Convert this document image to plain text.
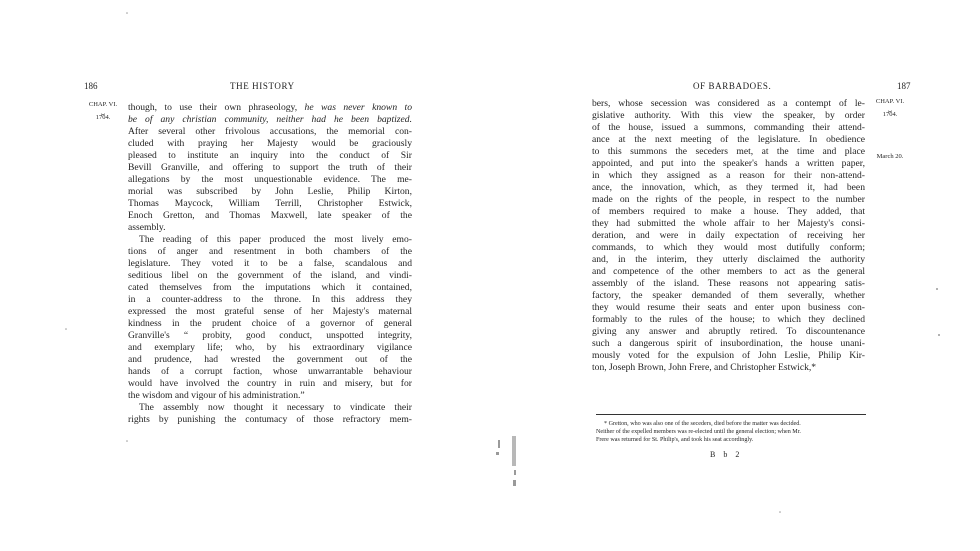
186	THE HISTORY
CHAP. VI.
⏟
1704.
though, to use their own phraseology, he was never known to
be of any christian community, neither had he been baptized.
After several other frivolous accusations, the memorial con-
cluded with praying her Majesty would be graciously
pleased to institute an inquiry into the conduct of Sir
Bevill Granville, and offering to support the truth of their
allegations by the most unquestionable evidence. The me-
morial was subscribed by John Leslie, Philip Kirton,
Thomas Maycock, William Terrill, Christopher Estwick,
Enoch Gretton, and Thomas Maxwell, late speaker of the
assembly.
The reading of this paper produced the most lively emo-
tions of anger and resentment in both chambers of the
legislature. They voted it to be a false, scandalous and
seditious libel on the government of the island, and vindi-
cated themselves from the imputations which it contained,
in a counter-address to the throne. In this address they
expressed the most grateful sense of her Majesty's maternal
kindness in the prudent choice of a governor of general
Granville's “ probity, good conduct, unspotted integrity,
and exemplary life; who, by his extraordinary vigilance
and prudence, had wrested the government out of the
hands of a corrupt faction, whose unwarrantable behaviour
would have involved the country in ruin and misery, but for
the wisdom and vigour of his administration.”
The assembly now thought it necessary to vindicate their
rights by punishing the contumacy of those refractory mem-
OF BARBADOES.	187
CHAP. VI.
⏟
1704.
March 20.
bers, whose secession was considered as a contempt of le-
gislative authority. With this view the speaker, by order
of the house, issued a summons, commanding their attend-
ance at the next meeting of the legislature. In obedience
to this summons the seceders met, at the time and place
appointed, and put into the speaker's hands a written paper,
in which they assigned as a reason for their non-attend-
ance, the innovation, which, as they termed it, had been
made on the rights of the people, in respect to the number
of members required to make a house. They added, that
they had submitted the whole affair to her Majesty's consi-
deration, and were in daily expectation of receiving her
commands, to which they would most dutifully conform;
and, in the interim, they utterly disclaimed the authority
and competence of the other members to act as the general
assembly of the island. These reasons not appearing satis-
factory, the speaker demanded of them severally, whether
they would resume their seats and enter upon business con-
formably to the rules of the house; to which they declined
giving any answer and abruptly retired. To discountenance
such a dangerous spirit of insubordination, the house unani-
mously voted for the expulsion of John Leslie, Philip Kir-
ton, Joseph Brown, John Frere, and Christopher Estwick,*
* Gretton, who was also one of the seceders, died before the matter was decided.
Neither of the expelled members was re-elected until the general election; when Mr.
Frere was returned for St. Philip's, and took his seat accordingly.
B b 2
